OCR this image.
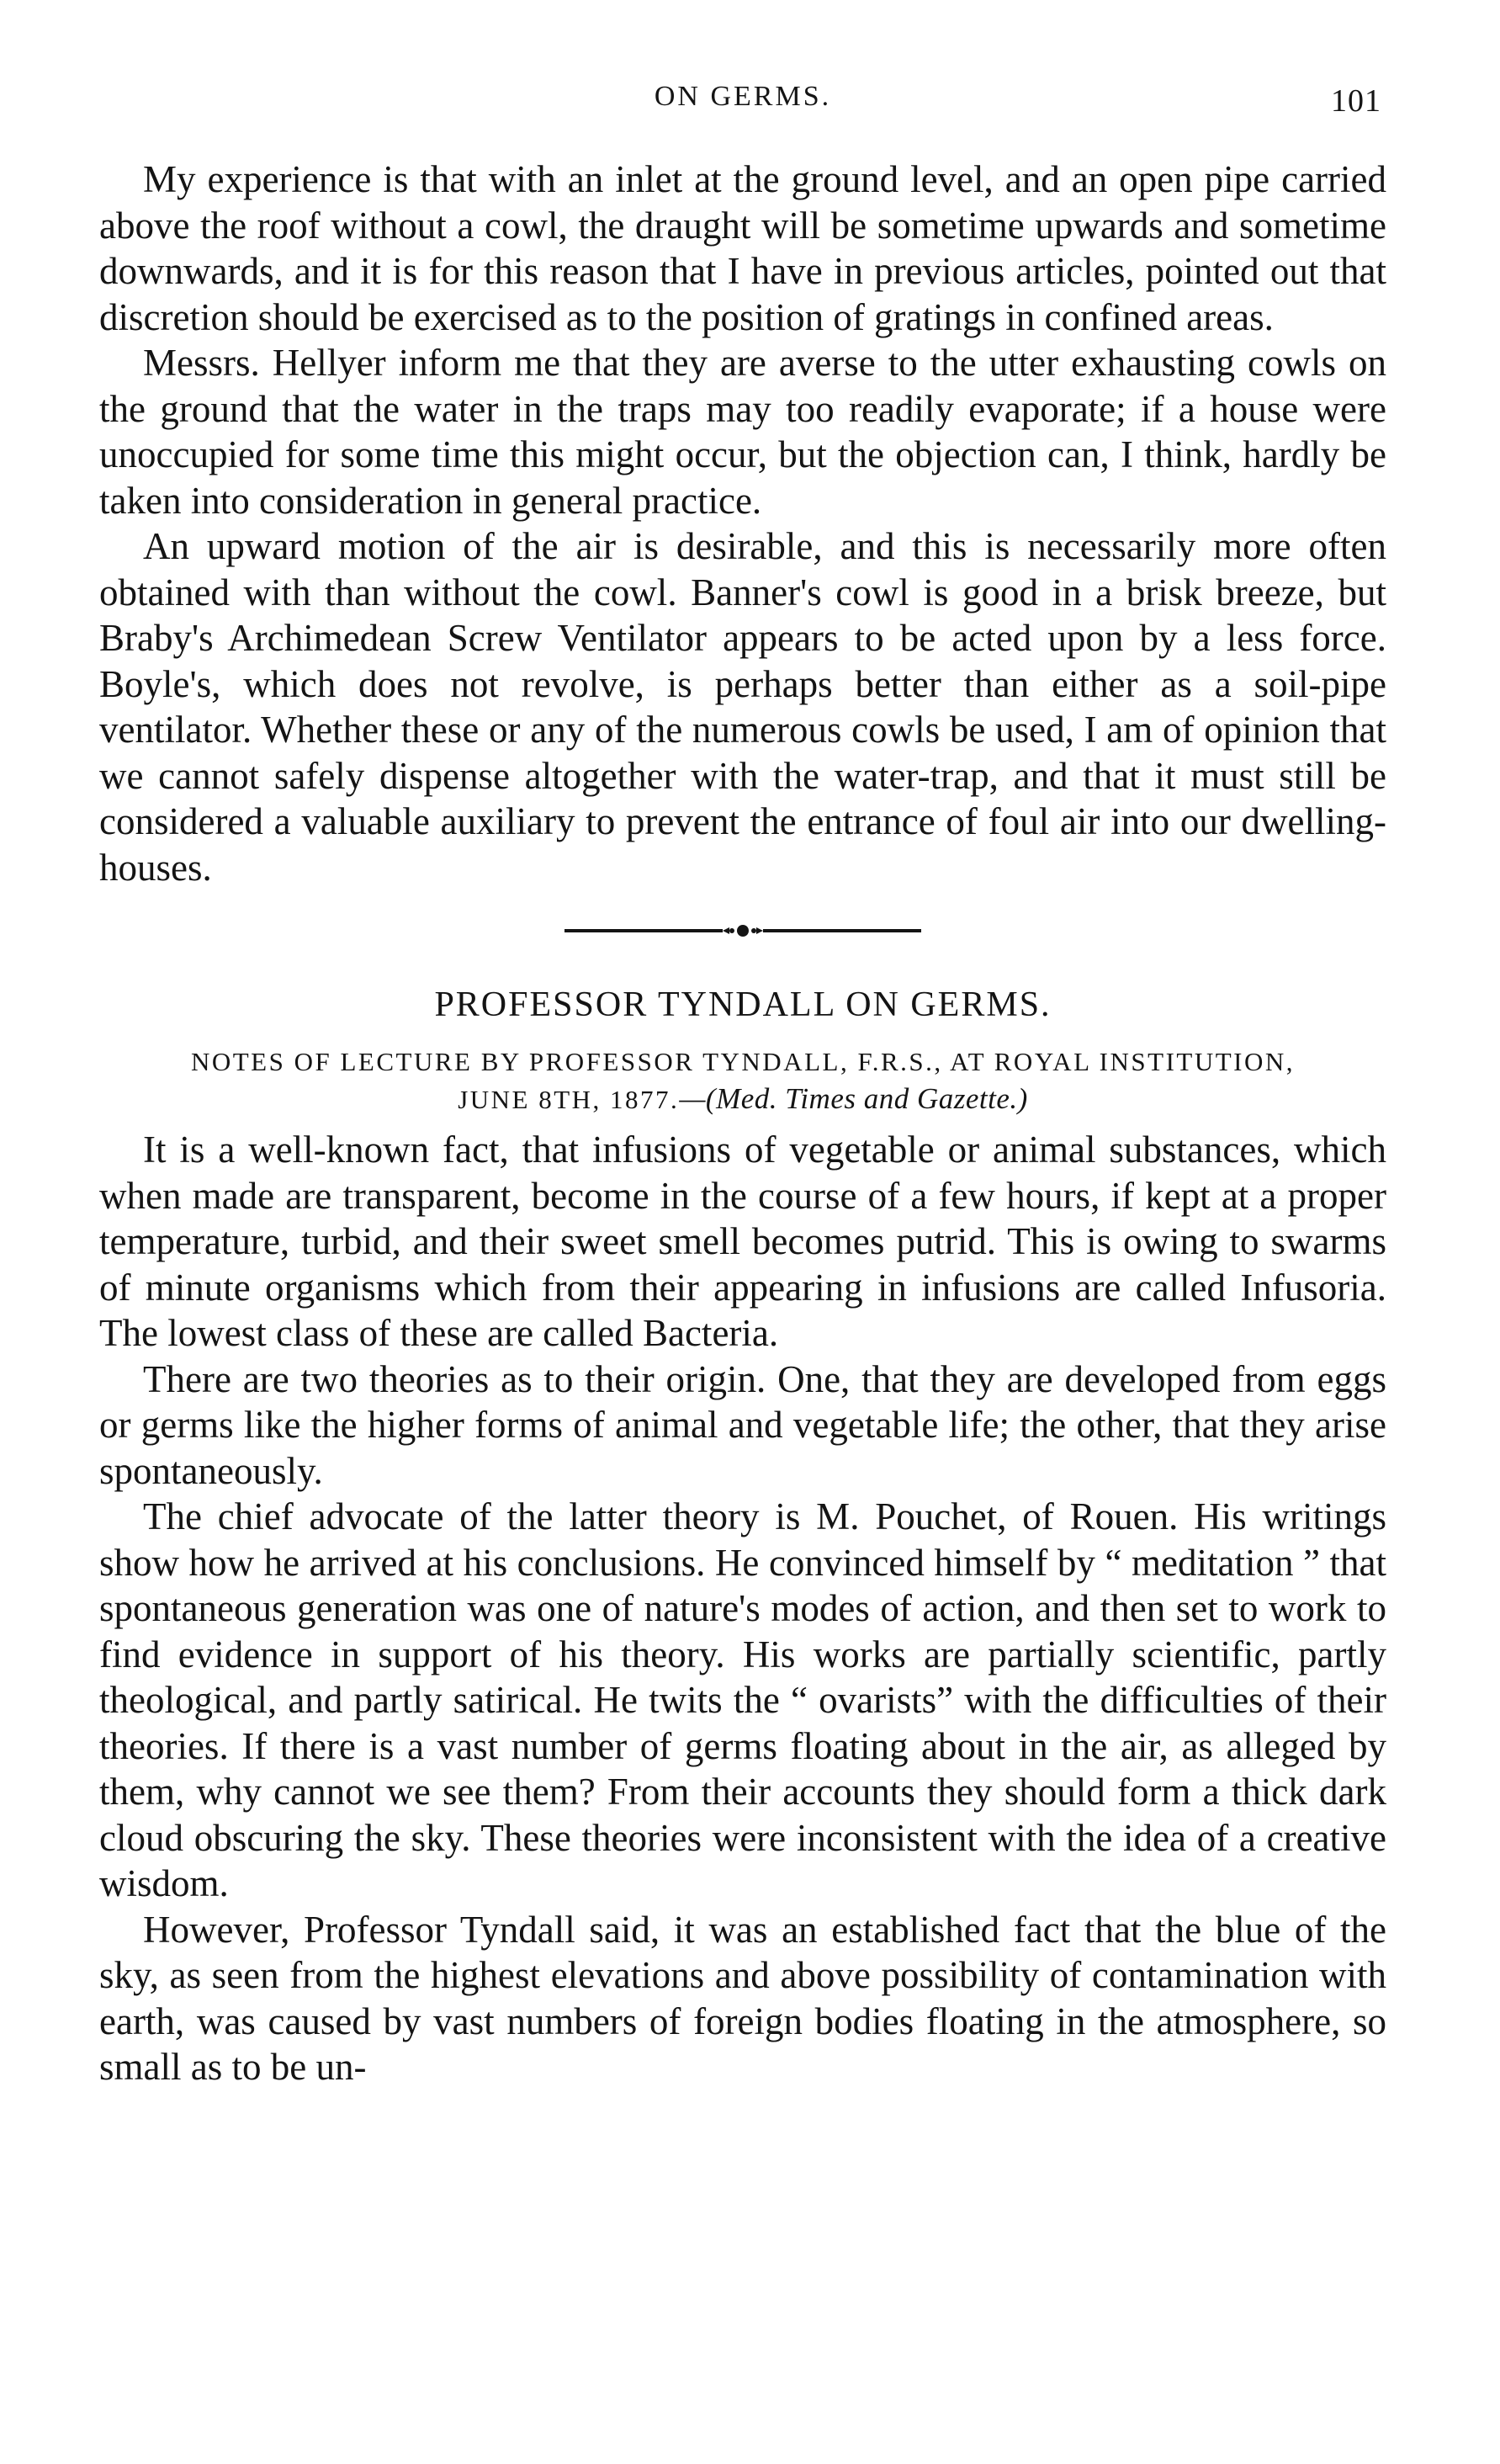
ON GERMS.	101

My experience is that with an inlet at the ground level, and an open pipe carried above the roof without a cowl, the draught will be sometime upwards and sometime downwards, and it is for this reason that I have in previous articles, pointed out that discretion should be exercised as to the position of gratings in confined areas.

Messrs. Hellyer inform me that they are averse to the utter exhausting cowls on the ground that the water in the traps may too readily evaporate; if a house were unoccupied for some time this might occur, but the objection can, I think, hardly be taken into consideration in general practice.

An upward motion of the air is desirable, and this is necessarily more often obtained with than without the cowl. Banner's cowl is good in a brisk breeze, but Braby's Archimedean Screw Ventilator appears to be acted upon by a less force. Boyle's, which does not revolve, is perhaps better than either as a soil-pipe ventilator. Whether these or any of the numerous cowls be used, I am of opinion that we cannot safely dispense altogether with the water-trap, and that it must still be considered a valuable auxiliary to prevent the entrance of foul air into our dwelling-houses.

PROFESSOR TYNDALL ON GERMS.
NOTES OF LECTURE BY PROFESSOR TYNDALL, F.R.S., AT ROYAL INSTITUTION,
JUNE 8TH, 1877.—(Med. Times and Gazette.)

It is a well-known fact, that infusions of vegetable or animal substances, which when made are transparent, become in the course of a few hours, if kept at a proper temperature, turbid, and their sweet smell becomes putrid. This is owing to swarms of minute organisms which from their appearing in infusions are called Infusoria. The lowest class of these are called Bacteria.

There are two theories as to their origin. One, that they are developed from eggs or germs like the higher forms of animal and vegetable life; the other, that they arise spontaneously.

The chief advocate of the latter theory is M. Pouchet, of Rouen. His writings show how he arrived at his conclusions. He convinced himself by “ meditation ” that spontaneous generation was one of nature's modes of action, and then set to work to find evidence in support of his theory. His works are partially scientific, partly theological, and partly satirical. He twits the “ ovarists” with the difficulties of their theories. If there is a vast number of germs floating about in the air, as alleged by them, why cannot we see them? From their accounts they should form a thick dark cloud obscuring the sky. These theories were inconsistent with the idea of a creative wisdom.

However, Professor Tyndall said, it was an established fact that the blue of the sky, as seen from the highest elevations and above possibility of contamination with earth, was caused by vast numbers of foreign bodies floating in the atmosphere, so small as to be un-
